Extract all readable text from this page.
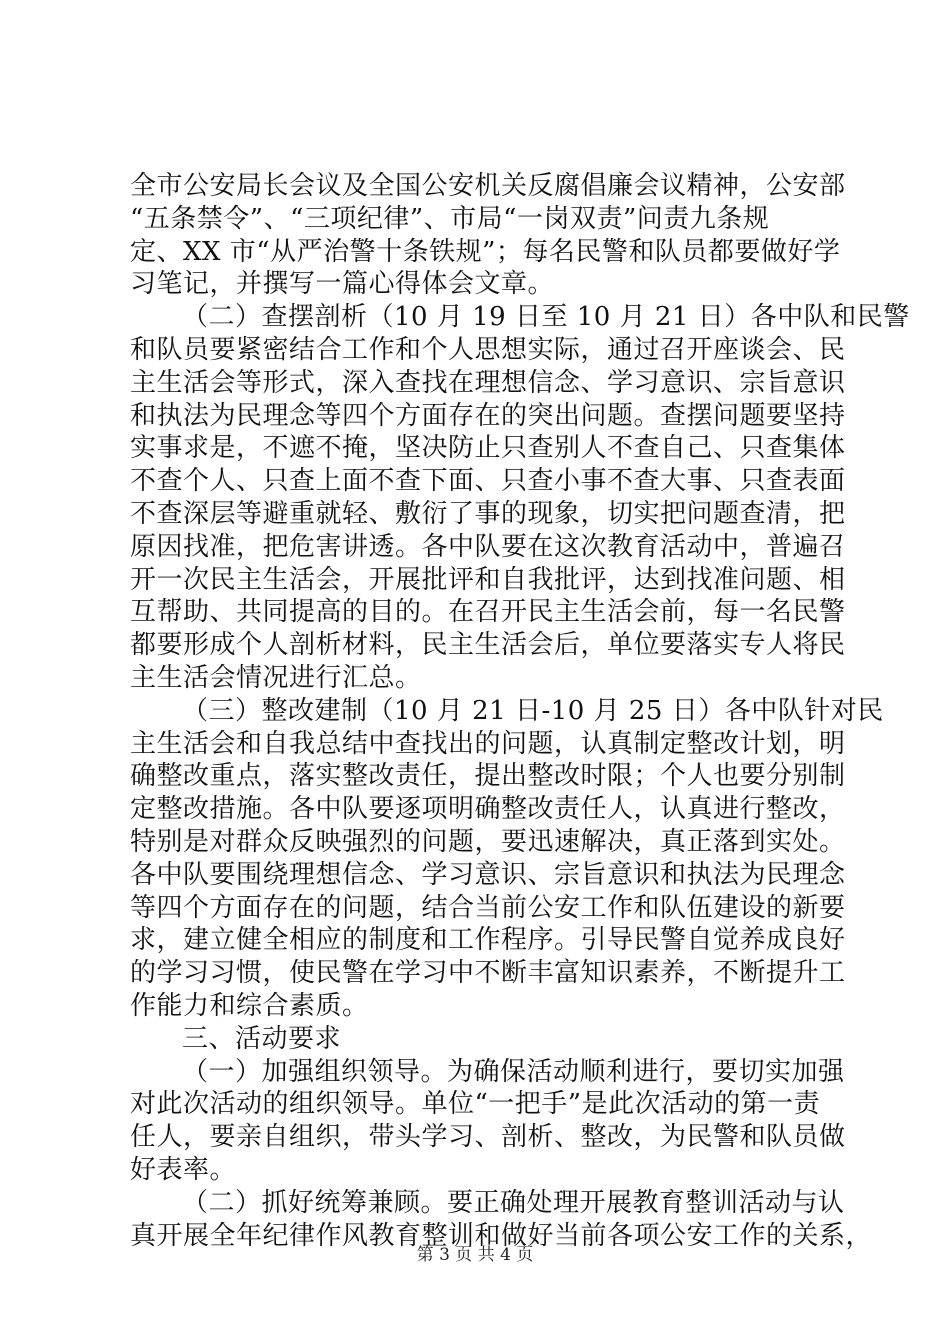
全市公安局长会议及全国公安机关反腐倡廉会议精神，公安部
“五条禁令”、“三项纪律”、市局“一岗双责”问责九条规
定、XX 市“从严治警十条铁规”；每名民警和队员都要做好学
习笔记，并撰写一篇心得体会文章。
（二）查摆剖析（10 月 19 日至 10 月 21 日）各中队和民警
和队员要紧密结合工作和个人思想实际，通过召开座谈会、民
主生活会等形式，深入查找在理想信念、学习意识、宗旨意识
和执法为民理念等四个方面存在的突出问题。查摆问题要坚持
实事求是，不遮不掩，坚决防止只查别人不查自己、只查集体
不查个人、只查上面不查下面、只查小事不查大事、只查表面
不查深层等避重就轻、敷衍了事的现象，切实把问题查清，把
原因找准，把危害讲透。各中队要在这次教育活动中，普遍召
开一次民主生活会，开展批评和自我批评，达到找准问题、相
互帮助、共同提高的目的。在召开民主生活会前，每一名民警
都要形成个人剖析材料，民主生活会后，单位要落实专人将民
主生活会情况进行汇总。
（三）整改建制（10 月 21 日-10 月 25 日）各中队针对民
主生活会和自我总结中查找出的问题，认真制定整改计划，明
确整改重点，落实整改责任，提出整改时限；个人也要分别制
定整改措施。各中队要逐项明确整改责任人，认真进行整改，
特别是对群众反映强烈的问题，要迅速解决，真正落到实处。
各中队要围绕理想信念、学习意识、宗旨意识和执法为民理念
等四个方面存在的问题，结合当前公安工作和队伍建设的新要
求，建立健全相应的制度和工作程序。引导民警自觉养成良好
的学习习惯，使民警在学习中不断丰富知识素养，不断提升工
作能力和综合素质。
三、活动要求
（一）加强组织领导。为确保活动顺利进行，要切实加强
对此次活动的组织领导。单位“一把手”是此次活动的第一责
任人，要亲自组织，带头学习、剖析、整改，为民警和队员做
好表率。
（二）抓好统筹兼顾。要正确处理开展教育整训活动与认
真开展全年纪律作风教育整训和做好当前各项公安工作的关系，
第 3 页 共 4 页
